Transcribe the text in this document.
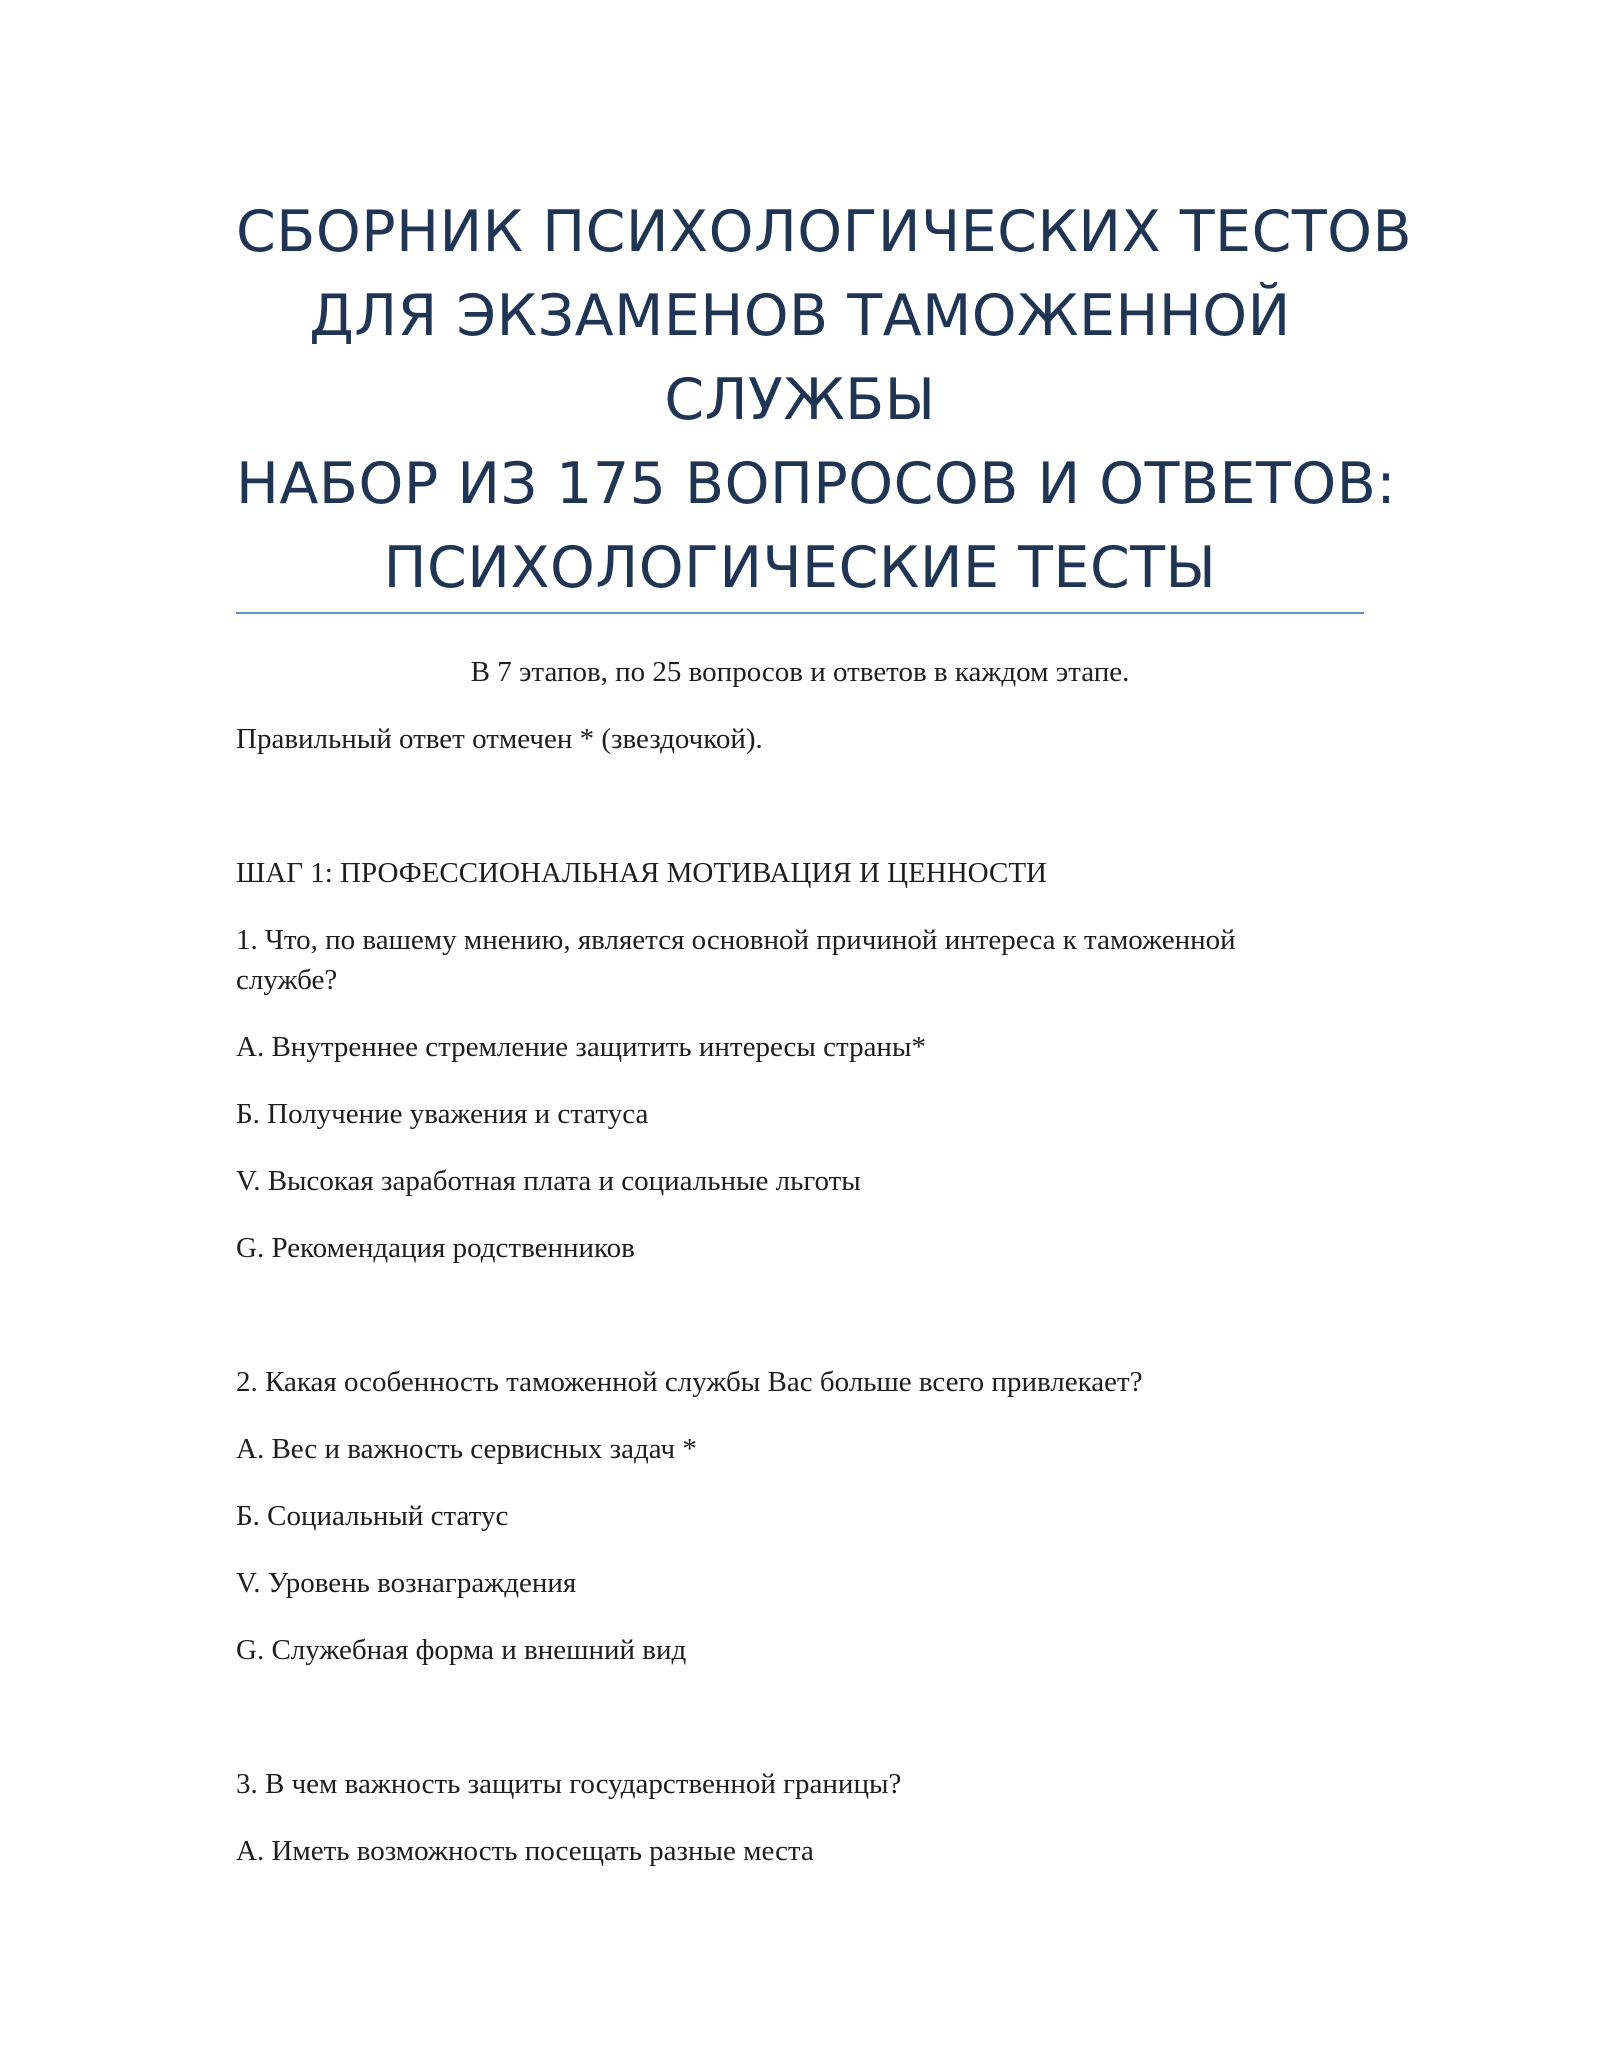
СБОРНИК ПСИХОЛОГИЧЕСКИХ ТЕСТОВ
ДЛЯ ЭКЗАМЕНОВ ТАМОЖЕННОЙ
СЛУЖБЫ
НАБОР ИЗ 175 ВОПРОСОВ И ОТВЕТОВ:
ПСИХОЛОГИЧЕСКИЕ ТЕСТЫ
В 7 этапов, по 25 вопросов и ответов в каждом этапе.
Правильный ответ отмечен * (звездочкой).
ШАГ 1: ПРОФЕССИОНАЛЬНАЯ МОТИВАЦИЯ И ЦЕННОСТИ
1. Что, по вашему мнению, является основной причиной интереса к таможенной
службе?
A. Внутреннее стремление защитить интересы страны*
Б. Получение уважения и статуса
V. Высокая заработная плата и социальные льготы
G. Рекомендация родственников
2. Какая особенность таможенной службы Вас больше всего привлекает?
A. Вес и важность сервисных задач *
Б. Социальный статус
V. Уровень вознаграждения
G. Служебная форма и внешний вид
3. В чем важность защиты государственной границы?
A. Иметь возможность посещать разные места
